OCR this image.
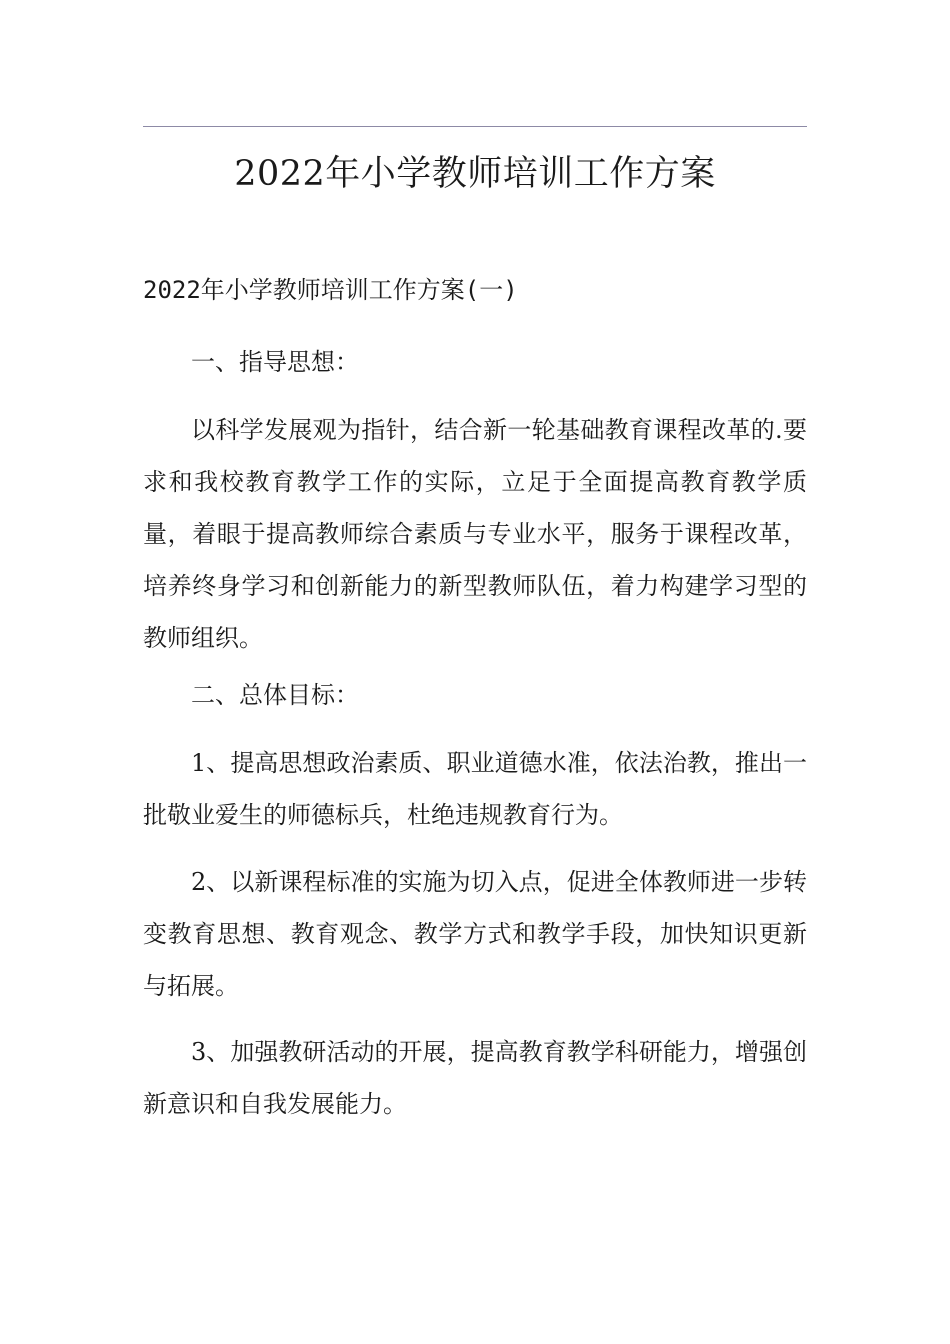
2022年小学教师培训工作方案
2022年小学教师培训工作方案(一)

一、指导思想：

以科学发展观为指针，结合新一轮基础教育课程改革的.要求和我校教育教学工作的实际，立足于全面提高教育教学质量，着眼于提高教师综合素质与专业水平，服务于课程改革，培养终身学习和创新能力的新型教师队伍，着力构建学习型的教师组织。

二、总体目标：

1、提高思想政治素质、职业道德水准，依法治教，推出一批敬业爱生的师德标兵，杜绝违规教育行为。

2、以新课程标准的实施为切入点，促进全体教师进一步转变教育思想、教育观念、教学方式和教学手段，加快知识更新与拓展。

3、加强教研活动的开展，提高教育教学科研能力，增强创新意识和自我发展能力。
